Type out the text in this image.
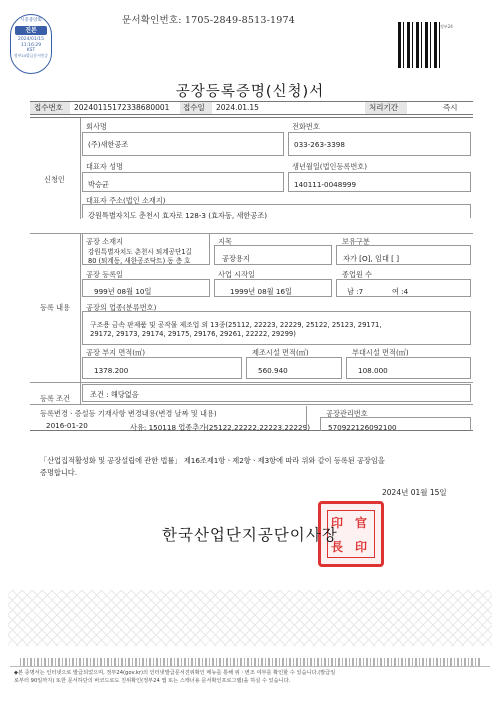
문서확인번호: 1705-2849-8513-1974
시흥중앙회
진본
2024/01/15
11:16:29
KST
정부24발급문서인증
정부24
공장등록증명(신청)서
접수번호	20240115172338680001	접수일	2024.01.15	처리기간	즉시
신청인
회사명
(주)새한공조
전화번호
033-263-3398
대표자 성명
박승균
생년월일(법인등록번호)
140111-0048999
대표자 주소(법인 소재지)
강원특별자치도 춘천시 효자로 128-3 (효자동, 새한공조)
등록 내용
공장 소재지
강원특별자치도 춘천시 퇴계공단1길
80 (퇴계동, 새한공조닥트) 동 층 호
지목
공장용지
보유구분
자가 [O], 임대 [ ]
공장 등록일
999년 08월 10일
사업 시작일
1999년 08월 16일
종업원 수
남 :7	여 :4
공장의 업종(분류번호)
구조용 금속 판제품 및 공작물 제조업 외 13종(25112, 22223, 22229, 25122, 25123, 29171,
29172, 29173, 29174, 29175, 29176, 29261, 22222, 29299)
공장 부지 면적(㎡)
1378.200
제조시설 면적(㎡)
560.940
부대시설 면적(㎡)
108.000
등록 조건	조건 : 해당없음
등록변경ㆍ증설등 기재사항 변경내용(변경 날짜 및 내용)
2016-01-20	사유: 150118 업종추가(25122,22222,22223,22229)
공장관리번호
570922126092100
「산업집적활성화 및 공장설립에 관한 법률」 제16조제1항ㆍ제2항ㆍ제3항에 따라 위와 같이 등록된 공장임을
증명합니다.
2024년 01월 15일
印 官
長 印
한국산업단지공단이사장
◆본 증명서는 인터넷으로 발급되었으며, 정부24(gov.kr)의 인터넷발급문서진위확인 메뉴를 통해 위ㆍ변조 여부를 확인할 수 있습니다.(발급일
로부터 90일까지) 또한 문서하단의 바코드로도 진위확인(정부24 앱 또는 스캐너용 문서확인프로그램)을 하실 수 있습니다.
